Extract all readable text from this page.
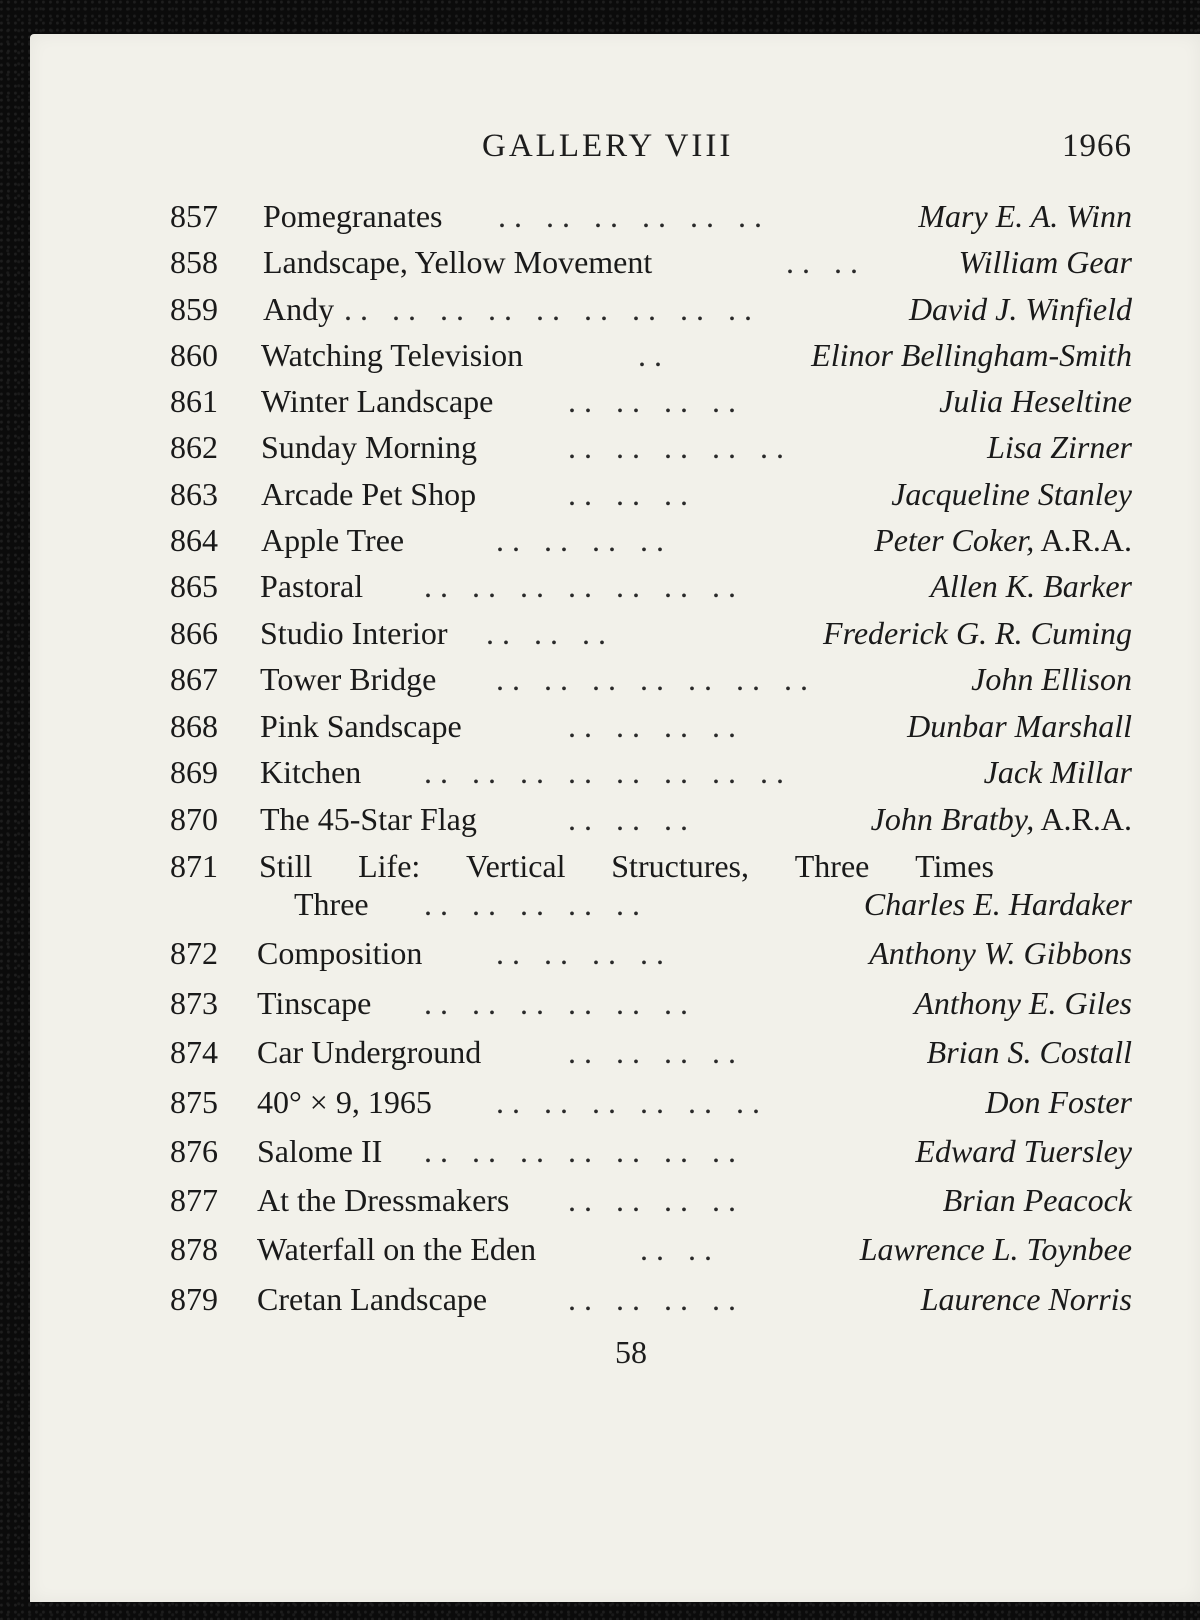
GALLERY VIII	1966
857	Pomegranates . .   . .   . .   . .   . .   . .	Mary E. A. Winn
858	Landscape, Yellow Movement	. .   . .	William Gear
859	Andy . .   . .   . .   . .   . .   . .   . .   . .   . .	David J. Winfield
860	Watching Television	. .	Elinor Bellingham-Smith
861	Winter Landscape . .   . .   . .   . .	Julia Heseltine
862	Sunday Morning	. .   . .   . .   . .   . .	Lisa Zirner
863	Arcade Pet Shop	. .   . .   . .	Jacqueline Stanley
864	Apple Tree	. .   . .   . .   . .	Peter Coker, A.R.A.
865	Pastoral . .   . .   . .   . .   . .   . .   . .	Allen K. Barker
866	Studio Interior . .   . .   . .	Frederick G. R. Cuming
867	Tower Bridge . .   . .   . .   . .   . .   . .   . .	John Ellison
868	Pink Sandscape	. .   . .   . .   . .	Dunbar Marshall
869	Kitchen . .   . .   . .   . .   . .   . .   . .   . .	Jack Millar
870	The 45-Star Flag	. .   . .   . .	John Bratby, A.R.A.
871	Still Life: Vertical Structures, Three Times
Three . .   . .   . .   . .   . .	Charles E. Hardaker
872	Composition . .   . .   . .   . .	Anthony W. Gibbons
873	Tinscape . .   . .   . .   . .   . .   . .	Anthony E. Giles
874	Car Underground	. .   . .   . .   . .	Brian S. Costall
875	40° × 9, 1965 . .   . .   . .   . .   . .   . .	Don Foster
876	Salome II . .   . .   . .   . .   . .   . .   . .	Edward Tuersley
877	At the Dressmakers . .   . .   . .   . .	Brian Peacock
878	Waterfall on the Eden	. .   . .	Lawrence L. Toynbee
879	Cretan Landscape	. .   . .   . .   . .	Laurence Norris
58
